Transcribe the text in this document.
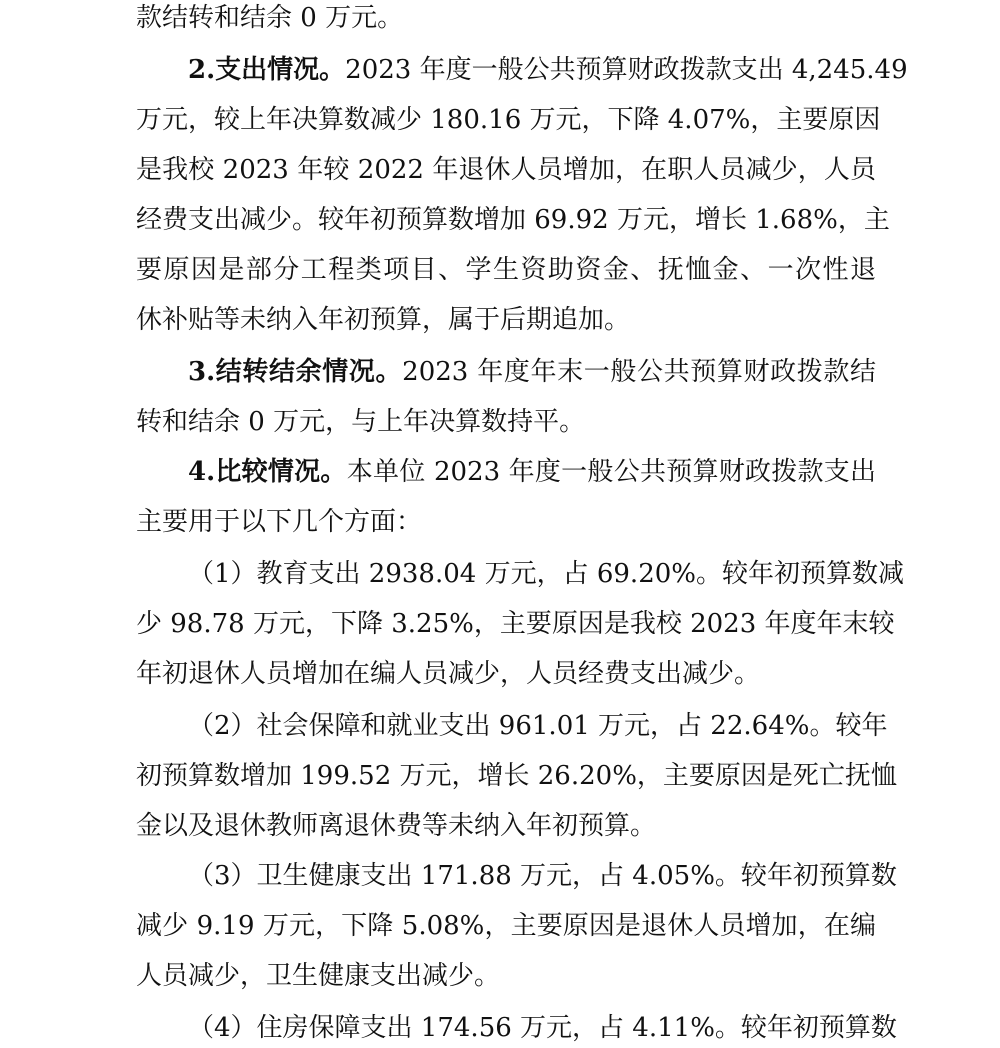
款结转和结余 0 万元。
2.支出情况。2023 年度一般公共预算财政拨款支出 4,245.49
万元，较上年决算数减少 180.16 万元，下降 4.07%，主要原因
是我校 2023 年较 2022 年退休人员增加，在职人员减少，人员
经费支出减少。较年初预算数增加 69.92 万元，增长 1.68%，主
要原因是部分工程类项目、学生资助资金、抚恤金、一次性退
休补贴等未纳入年初预算，属于后期追加。
3.结转结余情况。2023 年度年末一般公共预算财政拨款结
转和结余 0 万元，与上年决算数持平。
4.比较情况。本单位 2023 年度一般公共预算财政拨款支出
主要用于以下几个方面：
（1）教育支出 2938.04 万元，占 69.20%。较年初预算数减
少 98.78 万元，下降 3.25%，主要原因是我校 2023 年度年末较
年初退休人员增加在编人员减少，人员经费支出减少。
（2）社会保障和就业支出 961.01 万元，占 22.64%。较年
初预算数增加 199.52 万元，增长 26.20%，主要原因是死亡抚恤
金以及退休教师离退休费等未纳入年初预算。
（3）卫生健康支出 171.88 万元，占 4.05%。较年初预算数
减少 9.19 万元，下降 5.08%，主要原因是退休人员增加，在编
人员减少，卫生健康支出减少。
（4）住房保障支出 174.56 万元，占 4.11%。较年初预算数
